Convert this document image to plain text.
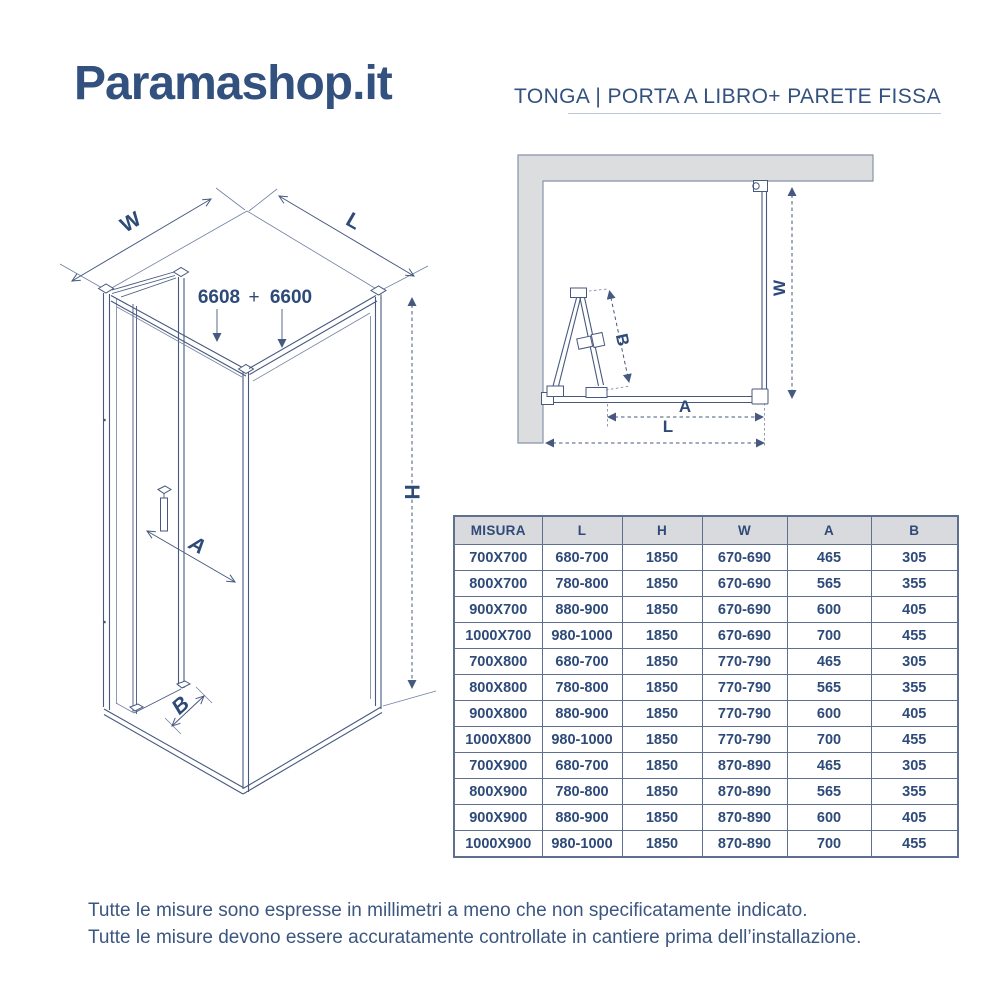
Paramashop.it	TONGA | PORTA A LIBRO+ PARETE FISSA
W	L
A
B
H
6608 + 6600
B
W
A
L
MISURA	L	H	W	A	B
700X700	680-700	1850	670-690	465	305
800X700	780-800	1850	670-690	565	355
900X700	880-900	1850	670-690	600	405
1000X700	980-1000	1850	670-690	700	455
700X800	680-700	1850	770-790	465	305
800X800	780-800	1850	770-790	565	355
900X800	880-900	1850	770-790	600	405
1000X800	980-1000	1850	770-790	700	455
700X900	680-700	1850	870-890	465	305
800X900	780-800	1850	870-890	565	355
900X900	880-900	1850	870-890	600	405
1000X900	980-1000	1850	870-890	700	455
Tutte le misure sono espresse in millimetri a meno che non specificatamente indicato.
Tutte le misure devono essere accuratamente controllate in cantiere prima dell’installazione.
